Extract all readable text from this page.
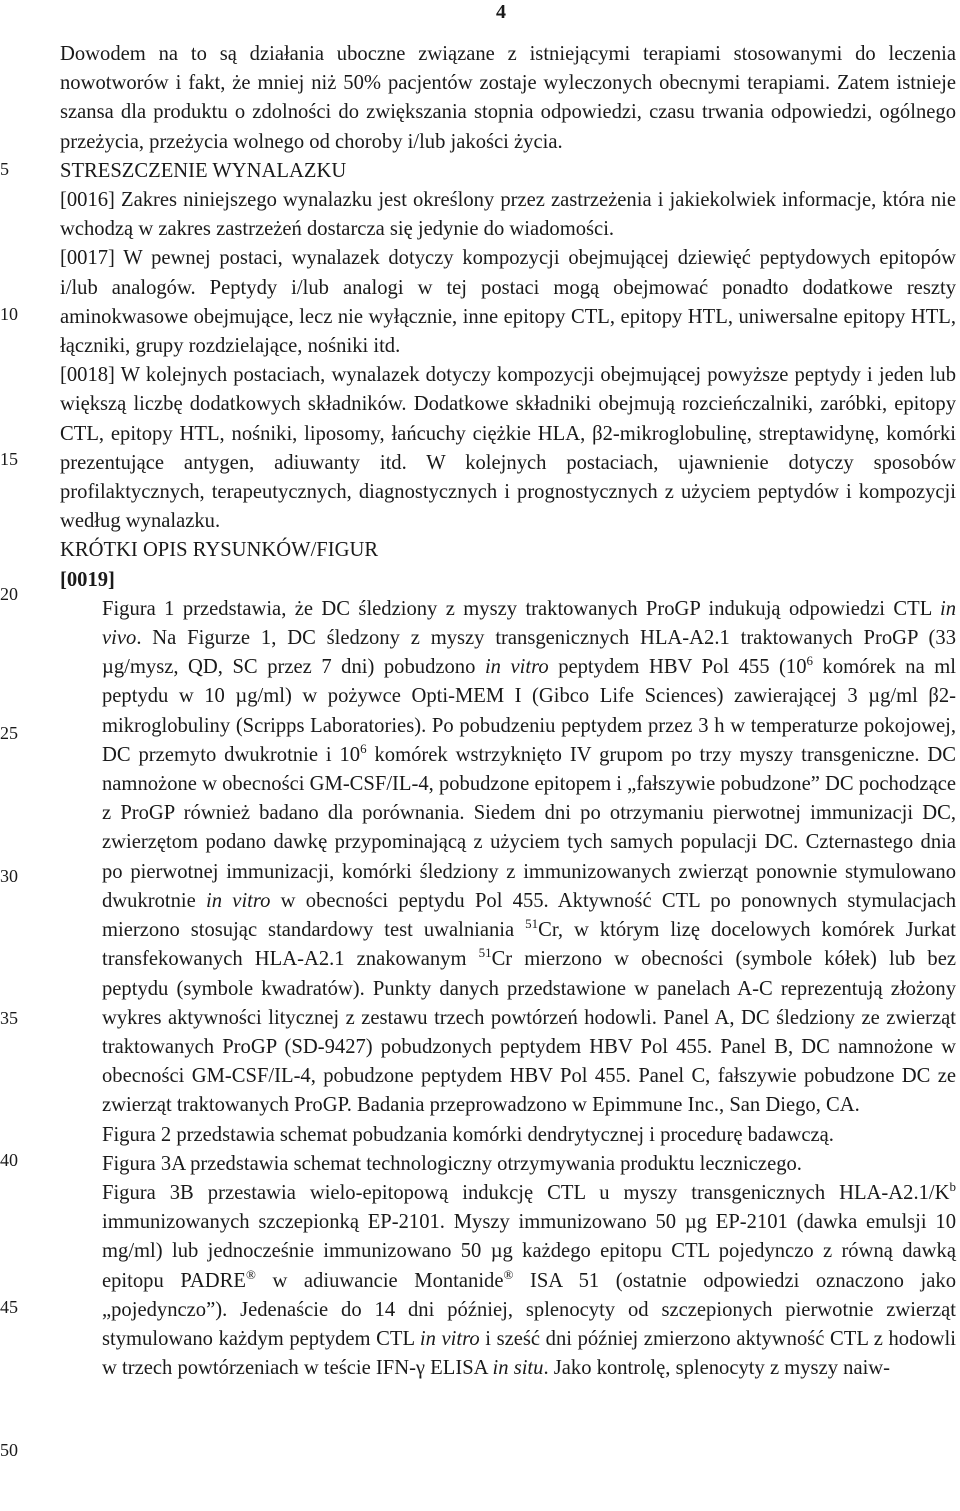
4
5
10
15
20
25
30
35
40
45
50

Dowodem na to są działania uboczne związane z istniejącymi terapiami stosowanymi do leczenia nowotworów i fakt, że mniej niż 50% pacjentów zostaje wyleczonych obecnymi terapiami. Zatem istnieje szansa dla produktu o zdolności do zwiększania stopnia odpowiedzi, czasu trwania odpowiedzi, ogólnego przeżycia, przeżycia wolnego od choroby i/lub jakości życia.

STRESZCZENIE WYNALAZKU

[0016] Zakres niniejszego wynalazku jest określony przez zastrzeżenia i jakiekolwiek informacje, która nie wchodzą w zakres zastrzeżeń dostarcza się jedynie do wiadomości.

[0017] W pewnej postaci, wynalazek dotyczy kompozycji obejmującej dziewięć peptydowych epitopów i/lub analogów. Peptydy i/lub analogi w tej postaci mogą obejmować ponadto dodatkowe reszty aminokwasowe obejmujące, lecz nie wyłącznie, inne epitopy CTL, epitopy HTL, uniwersalne epitopy HTL, łączniki, grupy rozdzielające, nośniki itd.

[0018] W kolejnych postaciach, wynalazek dotyczy kompozycji obejmującej powyższe peptydy i jeden lub większą liczbę dodatkowych składników. Dodatkowe składniki obejmują rozcieńczalniki, zaróbki, epitopy CTL, epitopy HTL, nośniki, liposomy, łańcuchy ciężkie HLA, β2-mikroglobulinę, streptawidynę, komórki prezentujące antygen, adiuwanty itd. W kolejnych postaciach, ujawnienie dotyczy sposobów profilaktycznych, terapeutycznych, diagnostycznych i prognostycznych z użyciem peptydów i kompozycji według wynalazku.

KRÓTKI OPIS RYSUNKÓW/FIGUR

[0019]

Figura 1 przedstawia, że DC śledziony z myszy traktowanych ProGP indukują odpowiedzi CTL in vivo. Na Figurze 1, DC śledzony z myszy transgenicznych HLA-A2.1 traktowanych ProGP (33 µg/mysz, QD, SC przez 7 dni) pobudzono in vitro peptydem HBV Pol 455 ($10^6$ komórek na ml peptydu w 10 µg/ml) w pożywce Opti-MEM I (Gibco Life Sciences) zawierającej 3 µg/ml β2-mikroglobuliny (Scripps Laboratories). Po pobudzeniu peptydem przez 3 h w temperaturze pokojowej, DC przemyto dwukrotnie i $10^6$ komórek wstrzyknięto IV grupom po trzy myszy transgeniczne. DC namnożone w obecności GM-CSF/IL-4, pobudzone epitopem i „fałszywie pobudzone” DC pochodzące z ProGP również badano dla porównania. Siedem dni po otrzymaniu pierwotnej immunizacji DC, zwierzętom podano dawkę przypominającą z użyciem tych samych populacji DC. Czternastego dnia po pierwotnej immunizacji, komórki śledziony z immunizowanych zwierząt ponownie stymulowano dwukrotnie in vitro w obecności peptydu Pol 455. Aktywność CTL po ponownych stymulacjach mierzono stosując standardowy test uwalniania $^{51}$Cr, w którym lizę docelowych komórek Jurkat transfekowanych HLA-A2.1 znakowanym $^{51}$Cr mierzono w obecności (symbole kółek) lub bez peptydu (symbole kwadratów). Punkty danych przedstawione w panelach A-C reprezentują złożony wykres aktywności litycznej z zestawu trzech powtórzeń hodowli. Panel A, DC śledziony ze zwierząt traktowanych ProGP (SD-9427) pobudzonych peptydem HBV Pol 455. Panel B, DC namnożone w obecności GM-CSF/IL-4, pobudzone peptydem HBV Pol 455. Panel C, fałszywie pobudzone DC ze zwierząt traktowanych ProGP. Badania przeprowadzono w Epimmune Inc., San Diego, CA.

Figura 2 przedstawia schemat pobudzania komórki dendrytycznej i procedurę badawczą.

Figura 3A przedstawia schemat technologiczny otrzymywania produktu leczniczego.

Figura 3B przestawia wielo-epitopową indukcję CTL u myszy transgenicznych HLA-$A2.1/K^b$ immunizowanych szczepionką EP-2101. Myszy immunizowano 50 µg EP-2101 (dawka emulsji 10 mg/ml) lub jednocześnie immunizowano 50 µg każdego epitopu CTL pojedynczo z równą dawką epitopu PADRE® w adiuwancie Montanide® ISA 51 (ostatnie odpowiedzi oznaczono jako „pojedynczo”). Jedenaście do 14 dni później, splenocyty od szczepionych pierwotnie zwierząt stymulowano każdym peptydem CTL in vitro i sześć dni później zmierzono aktywność CTL z hodowli w trzech powtórzeniach w teście IFN-γ ELISA in situ. Jako kontrolę, splenocyty z myszy naiw-
